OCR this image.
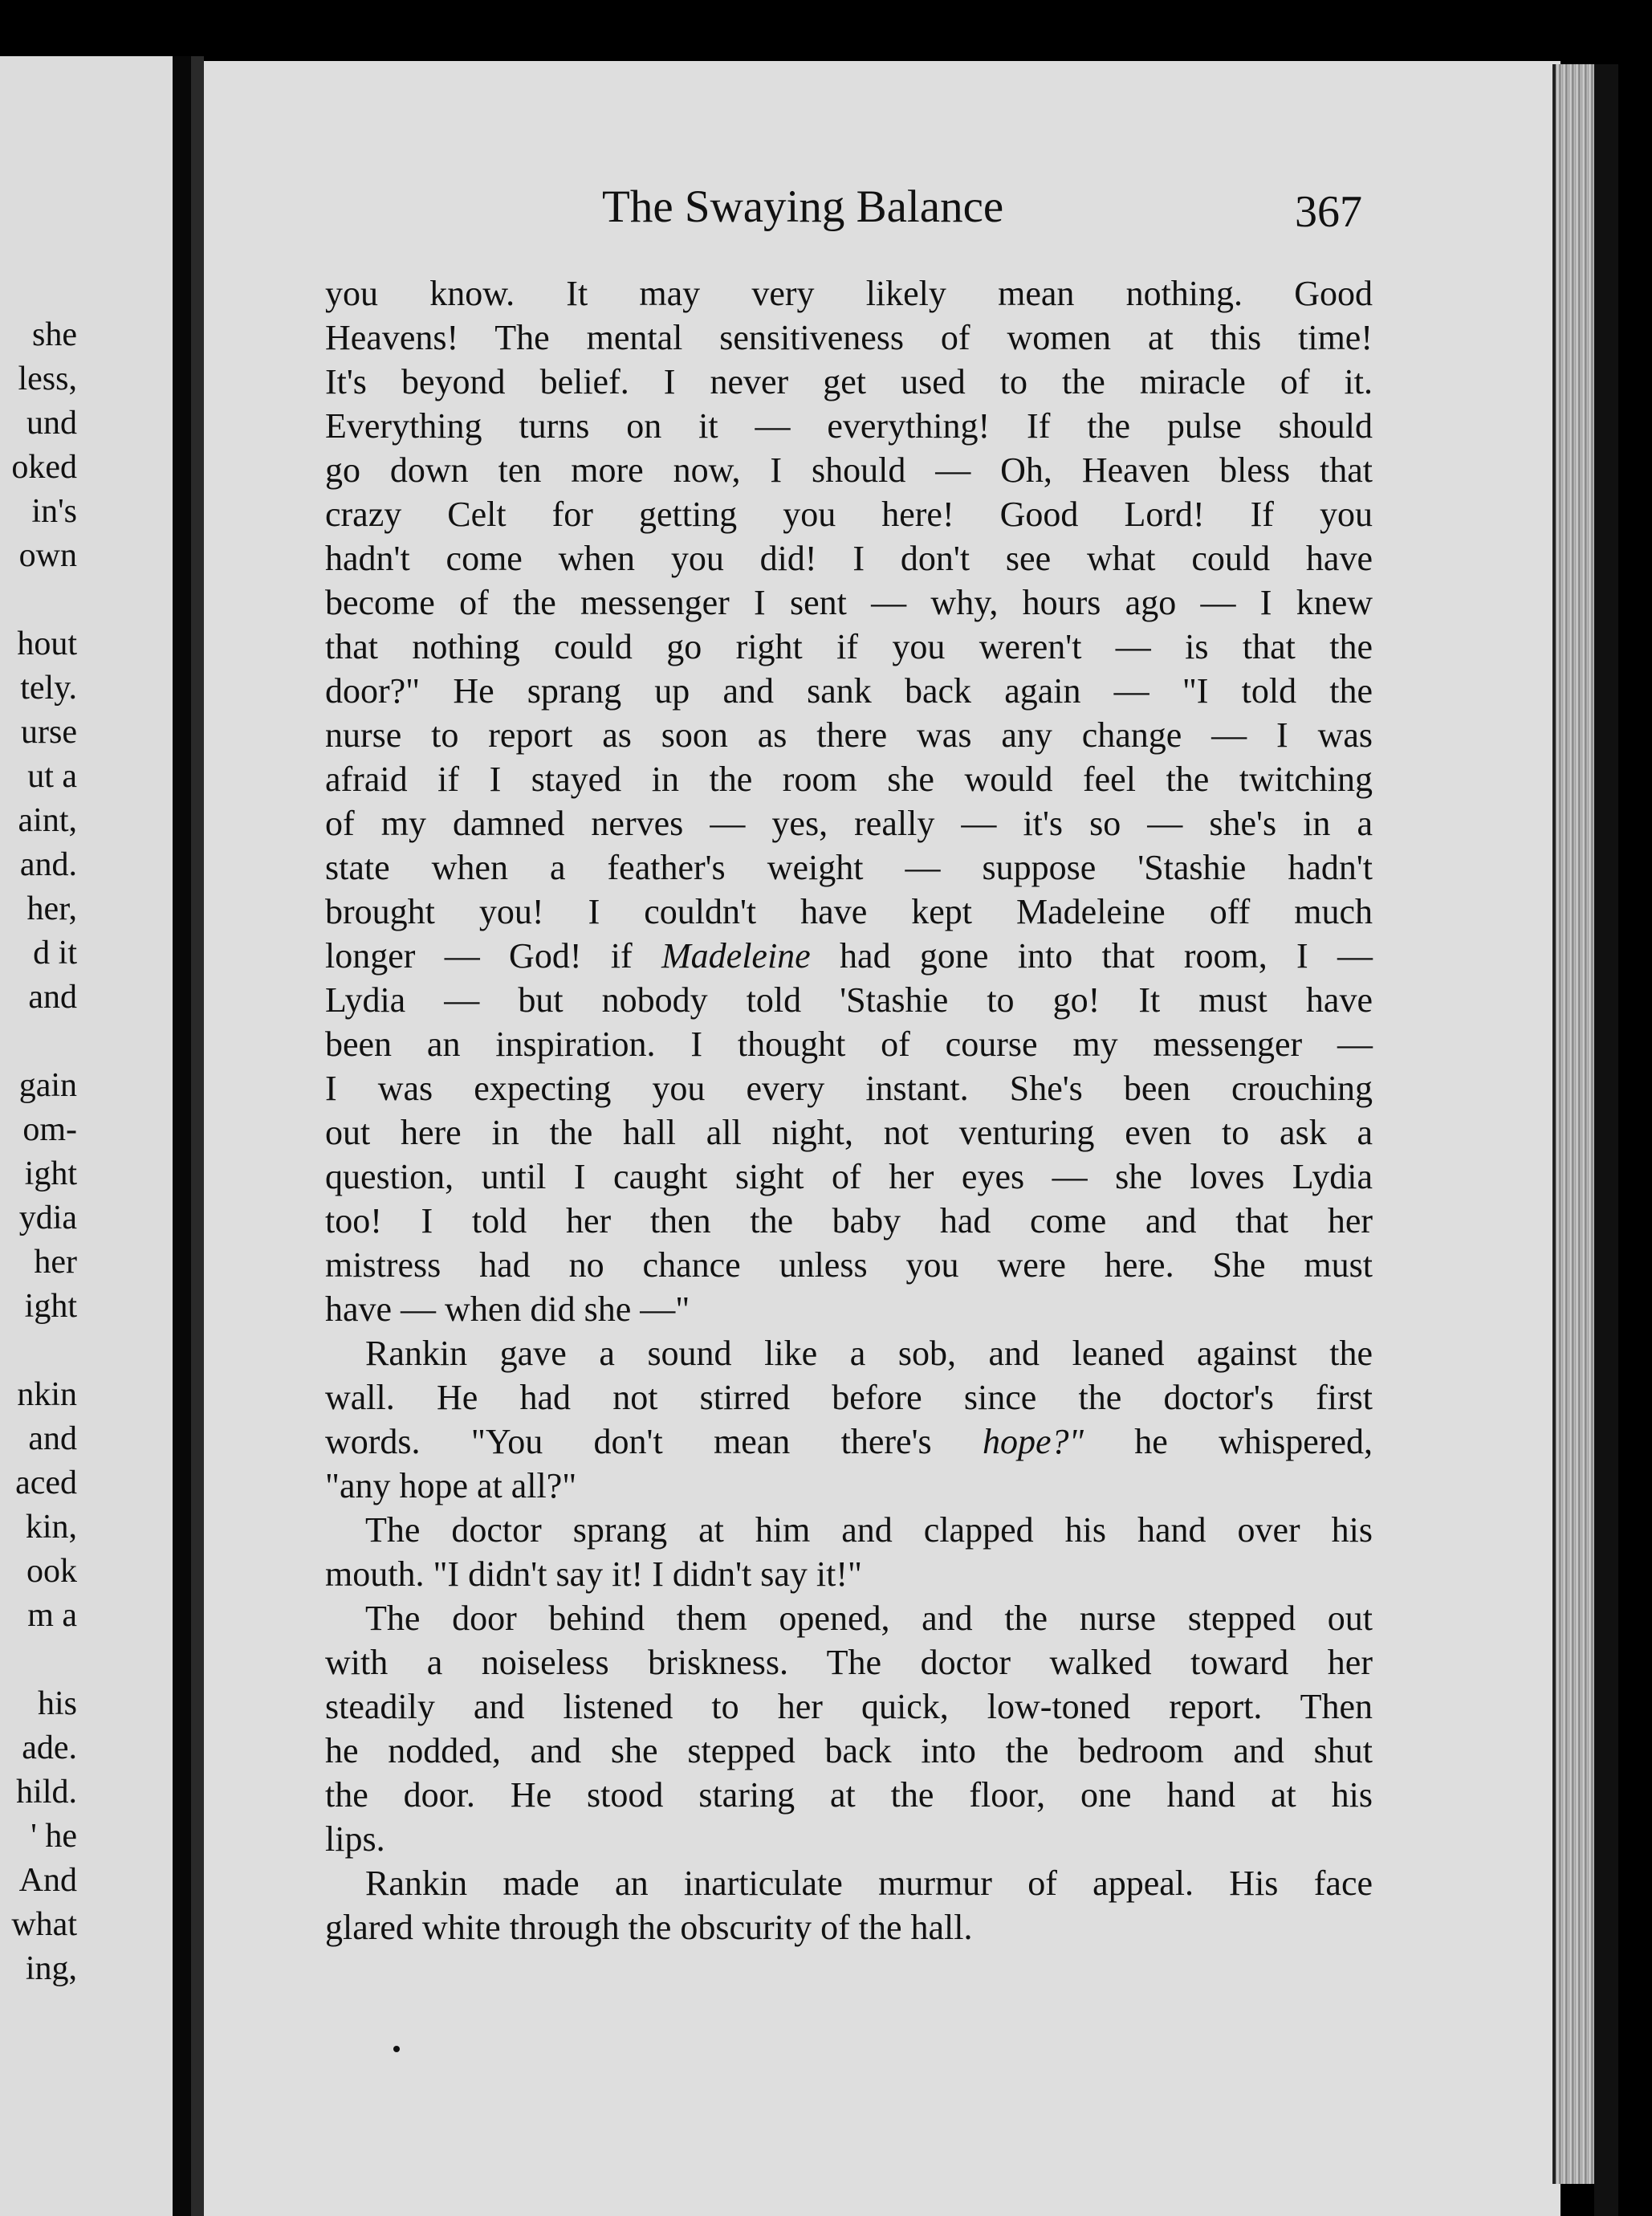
she
less,
und
oked
in's
own
hout
tely.
urse
ut a
aint,
and.
her,
d it
and
gain
om-
ight
ydia
her
ight
nkin
and
aced
kin,
ook
m a
his
ade.
hild.
' he
And
what
ing,
The Swaying Balance	367
you know. It may very likely mean nothing. Good
Heavens! The mental sensitiveness of women at this time!
It's beyond belief. I never get used to the miracle of it.
Everything turns on it — everything! If the pulse should
go down ten more now, I should — Oh, Heaven bless that
crazy Celt for getting you here! Good Lord! If you
hadn't come when you did! I don't see what could have
become of the messenger I sent — why, hours ago — I knew
that nothing could go right if you weren't — is that the
door?" He sprang up and sank back again — "I told the
nurse to report as soon as there was any change — I was
afraid if I stayed in the room she would feel the twitching
of my damned nerves — yes, really — it's so — she's in a
state when a feather's weight — suppose 'Stashie hadn't
brought you! I couldn't have kept Madeleine off much
longer — God! if Madeleine had gone into that room, I —
Lydia — but nobody told 'Stashie to go! It must have
been an inspiration. I thought of course my messenger —
I was expecting you every instant. She's been crouching
out here in the hall all night, not venturing even to ask a
question, until I caught sight of her eyes — she loves Lydia
too! I told her then the baby had come and that her
mistress had no chance unless you were here. She must
have — when did she —"
Rankin gave a sound like a sob, and leaned against the
wall. He had not stirred before since the doctor's first
words. "You don't mean there's hope?" he whispered,
"any hope at all?"
The doctor sprang at him and clapped his hand over his
mouth. "I didn't say it! I didn't say it!"
The door behind them opened, and the nurse stepped out
with a noiseless briskness. The doctor walked toward her
steadily and listened to her quick, low-toned report. Then
he nodded, and she stepped back into the bedroom and shut
the door. He stood staring at the floor, one hand at his
lips.
Rankin made an inarticulate murmur of appeal. His face
glared white through the obscurity of the hall.
